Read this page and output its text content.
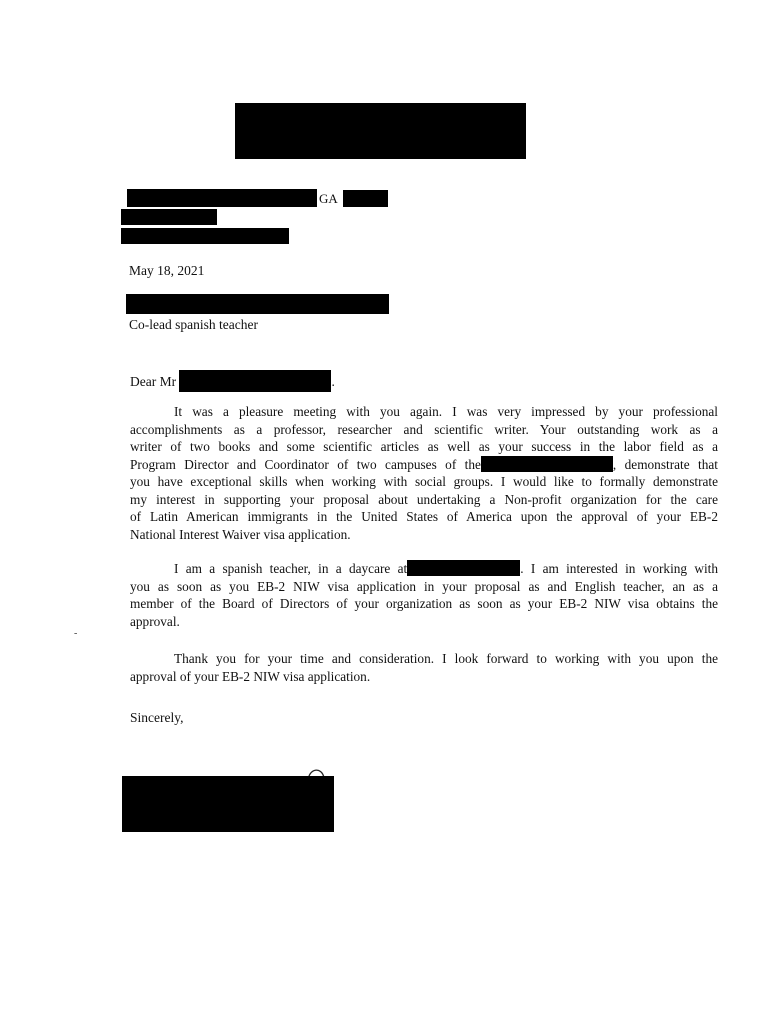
GA
May 18, 2021
Co-lead spanish teacher
Dear Mr	.
It was a pleasure meeting with you again. I was very impressed by your professional
accomplishments as a professor, researcher and scientific writer. Your outstanding work as a
writer of two books and some scientific articles as well as your success in the labor field as a
Program Director and Coordinator of two campuses of the	, demonstrate that
you have exceptional skills when working with social groups. I would like to formally demonstrate
my interest in supporting your proposal about undertaking a Non-profit organization for the care
of Latin American immigrants in the United States of America upon the approval of your EB-2
National Interest Waiver visa application.
I am a spanish teacher, in a daycare at	. I am interested in working with
you as soon as you EB-2 NIW visa application in your proposal as and English teacher, an as a
member of the Board of Directors of your organization as soon as your EB-2 NIW visa obtains the
approval.
-
Thank you for your time and consideration. I look forward to working with you upon the
approval of your EB-2 NIW visa application.
Sincerely,
